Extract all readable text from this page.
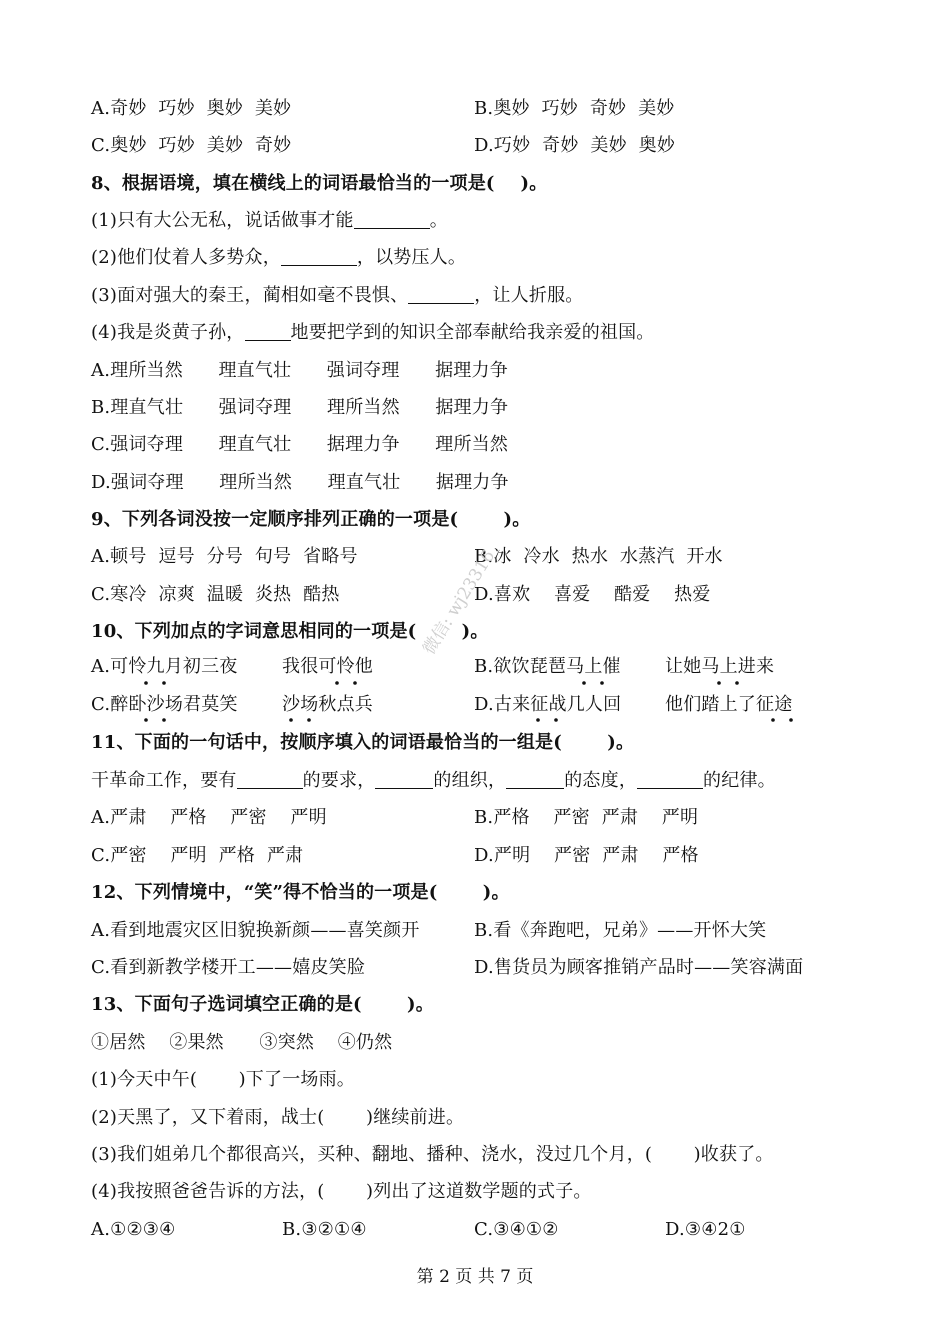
A.奇妙  巧妙  奥妙  美妙	B.奥妙  巧妙  奇妙  美妙
C.奥妙  巧妙  美妙  奇妙	D.巧妙  奇妙  美妙  奥妙
8、根据语境，填在横线上的词语最恰当的一项是(    )。
(1)只有大公无私，说话做事才能	。
(2)他们仗着人多势众，	，以势压人。
(3)面对强大的秦王，蔺相如毫不畏惧、	，让人折服。
(4)我是炎黄子孙，	地要把学到的知识全部奉献给我亲爱的祖国。
A.理所当然      理直气壮      强词夺理      据理力争
B.理直气壮      强词夺理      理所当然      据理力争
C.强词夺理      理直气壮      据理力争      理所当然
D.强词夺理      理所当然      理直气壮      据理力争
9、下列各词没按一定顺序排列正确的一项是(       )。
A.顿号  逗号  分号  句号  省略号	B.冰  冷水  热水  水蒸汽  开水
C.寒冷  凉爽  温暖  炎热  酷热	D.喜欢    喜爱    酷爱    热爱
10、下列加点的字词意思相同的一项是(       )。
A.可怜九月初三夜 我很可怜他	B.欲饮琵琶马上催 让她马上进来
C.醉卧沙场君莫笑 沙场秋点兵	D.古来征战几人回 他们踏上了征途
11、下面的一句话中，按顺序填入的词语最恰当的一组是(       )。
干革命工作，要有	的要求，	的组织，	的态度，	的纪律。
A.严肃    严格    严密    严明	B.严格    严密  严肃    严明
C.严密    严明  严格  严肃	D.严明    严密  严肃    严格
12、下列情境中，“笑”得不恰当的一项是(       )。
A.看到地震灾区旧貌换新颜——喜笑颜开	B.看《奔跑吧，兄弟》——开怀大笑
C.看到新教学楼开工——嬉皮笑脸	D.售货员为顾客推销产品时——笑容满面
13、下面句子选词填空正确的是(       )。
①居然    ②果然      ③突然    ④仍然
(1)今天中午(       )下了一场雨。
(2)天黑了，又下着雨，战士(       )继续前进。
(3)我们姐弟几个都很高兴，买种、翻地、播种、浇水，没过几个月，(       )收获了。
(4)我按照爸爸告诉的方法，(       )列出了这道数学题的式子。
A.①②③④	B.③②①④	C.③④①②	D.③④2①
微信: wj23316
第 2 页 共 7 页
